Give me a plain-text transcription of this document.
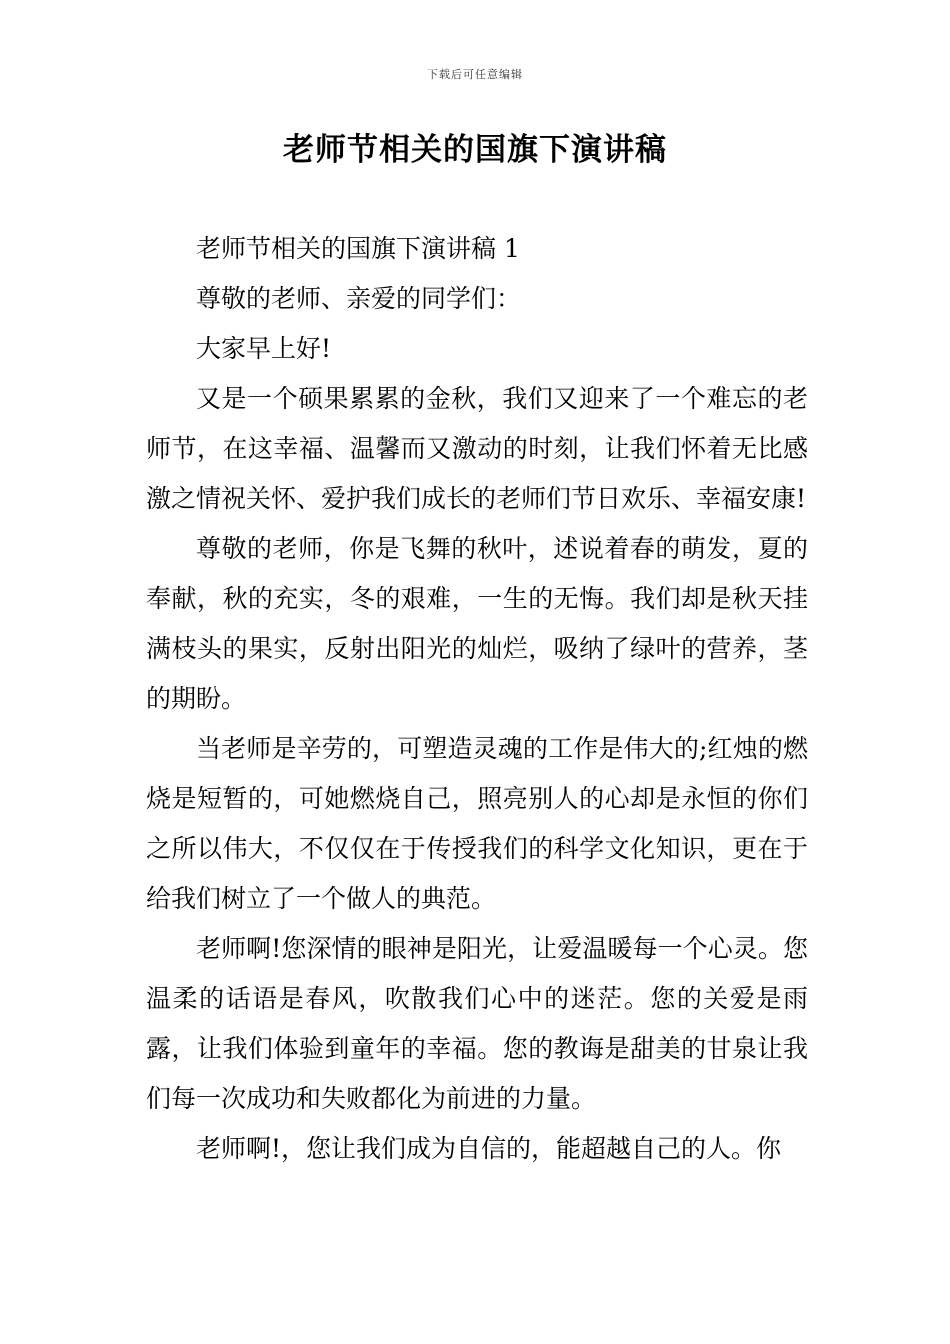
下载后可任意编辑
老师节相关的国旗下演讲稿

老师节相关的国旗下演讲稿 1

尊敬的老师、亲爱的同学们：

大家早上好!

又是一个硕果累累的金秋，我们又迎来了一个难忘的老师节，在这幸福、温馨而又激动的时刻，让我们怀着无比感激之情祝关怀、爱护我们成长的老师们节日欢乐、幸福安康!

尊敬的老师，你是飞舞的秋叶，述说着春的萌发，夏的奉献，秋的充实，冬的艰难，一生的无悔。我们却是秋天挂满枝头的果实，反射出阳光的灿烂，吸纳了绿叶的营养，茎的期盼。

当老师是辛劳的，可塑造灵魂的工作是伟大的;红烛的燃烧是短暂的，可她燃烧自己，照亮别人的心却是永恒的你们之所以伟大，不仅仅在于传授我们的科学文化知识，更在于给我们树立了一个做人的典范。

老师啊!您深情的眼神是阳光，让爱温暖每一个心灵。您温柔的话语是春风，吹散我们心中的迷茫。您的关爱是雨露，让我们体验到童年的幸福。您的教诲是甜美的甘泉让我们每一次成功和失败都化为前进的力量。

老师啊!，您让我们成为自信的，能超越自己的人。你
